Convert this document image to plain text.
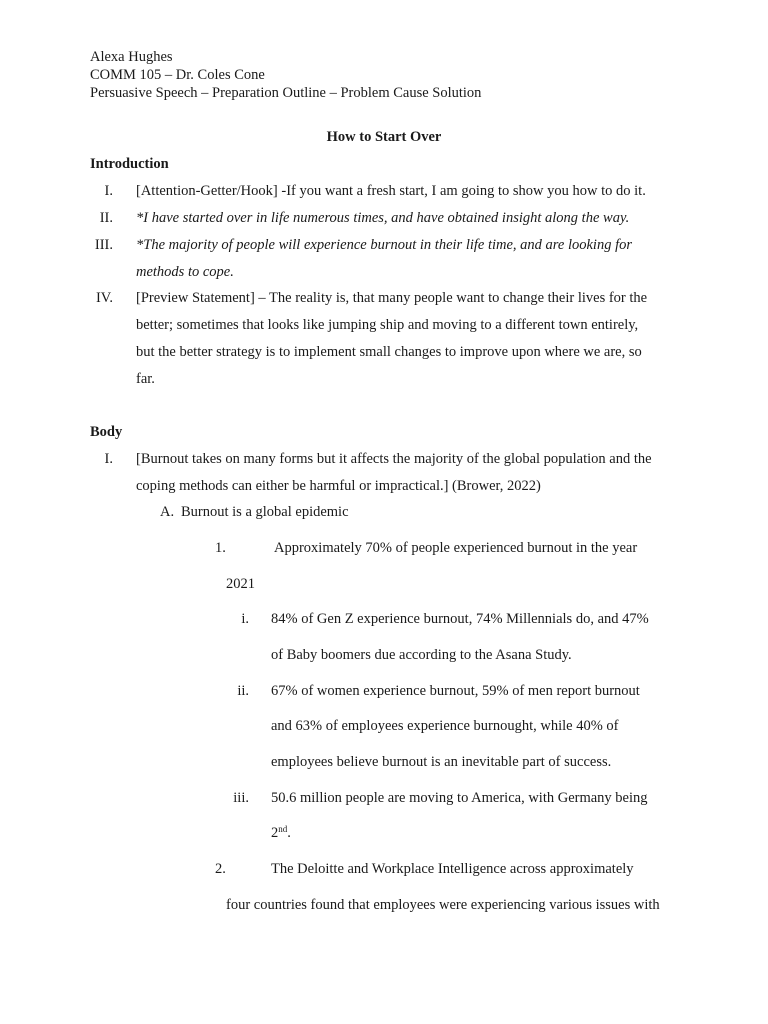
Alexa Hughes
COMM 105 – Dr. Coles Cone
Persuasive Speech – Preparation Outline – Problem Cause Solution
How to Start Over
Introduction
I. [Attention-Getter/Hook] -If you want a fresh start, I am going to show you how to do it.
II. *I have started over in life numerous times, and have obtained insight along the way.
III. *The majority of people will experience burnout in their life time, and are looking for
methods to cope.
IV. [Preview Statement] – The reality is, that many people want to change their lives for the
better; sometimes that looks like jumping ship and moving to a different town entirely,
but the better strategy is to implement small changes to improve upon where we are, so
far.
Body
I. [Burnout takes on many forms but it affects the majority of the global population and the
coping methods can either be harmful or impractical.] (Brower, 2022)
A. Burnout is a global epidemic
1.	Approximately 70% of people experienced burnout in the year
2021
i. 84% of Gen Z experience burnout, 74% Millennials do, and 47%
of Baby boomers due according to the Asana Study.
ii. 67% of women experience burnout, 59% of men report burnout
and 63% of employees experience burnought, while 40% of
employees believe burnout is an inevitable part of success.
iii. 50.6 million people are moving to America, with Germany being
2nd.
2.	The Deloitte and Workplace Intelligence across approximately
four countries found that employees were experiencing various issues with
